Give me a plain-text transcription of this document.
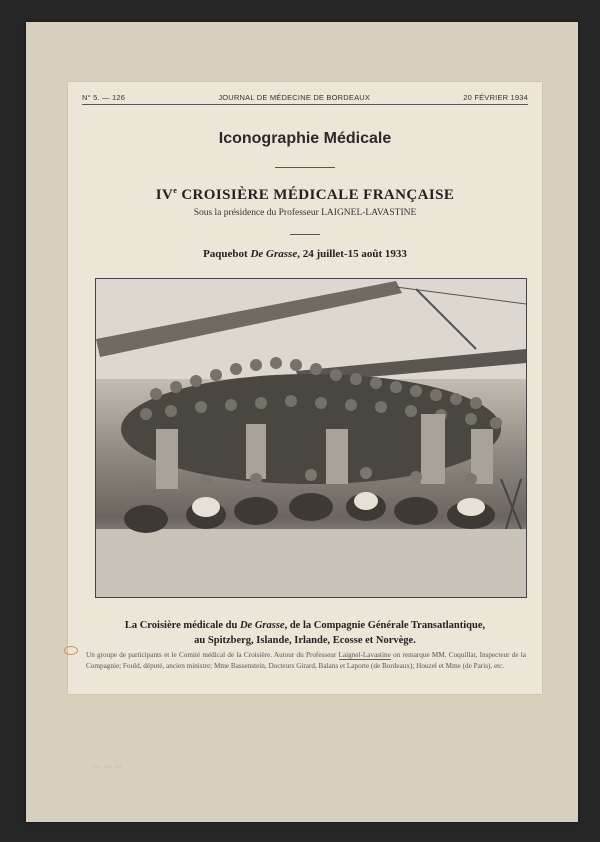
~ ~ ~
N° 5. — 126	JOURNAL DE MÉDECINE DE BORDEAUX	20 FÉVRIER 1934
Iconographie Médicale
IVe CROISIÈRE MÉDICALE FRANÇAISE
Sous la présidence du Professeur LAIGNEL-LAVASTINE
Paquebot De Grasse, 24 juillet-15 août 1933
La Croisière médicale du De Grasse, de la Compagnie Générale Transatlantique,
au Spitzberg, Islande, Irlande, Ecosse et Norvège.
Un groupe de participants et le Comité médical de la Croisière. Autour du Professeur Laignel-Lavastine on remarque MM. Coquillat, Inspecteur de la Compagnie; Fould, député, ancien ministre; Mme Bassenstein, Docteurs Girard, Balans et Laporte (de Bordeaux); Houzel et Mme (de Paris), etc.
